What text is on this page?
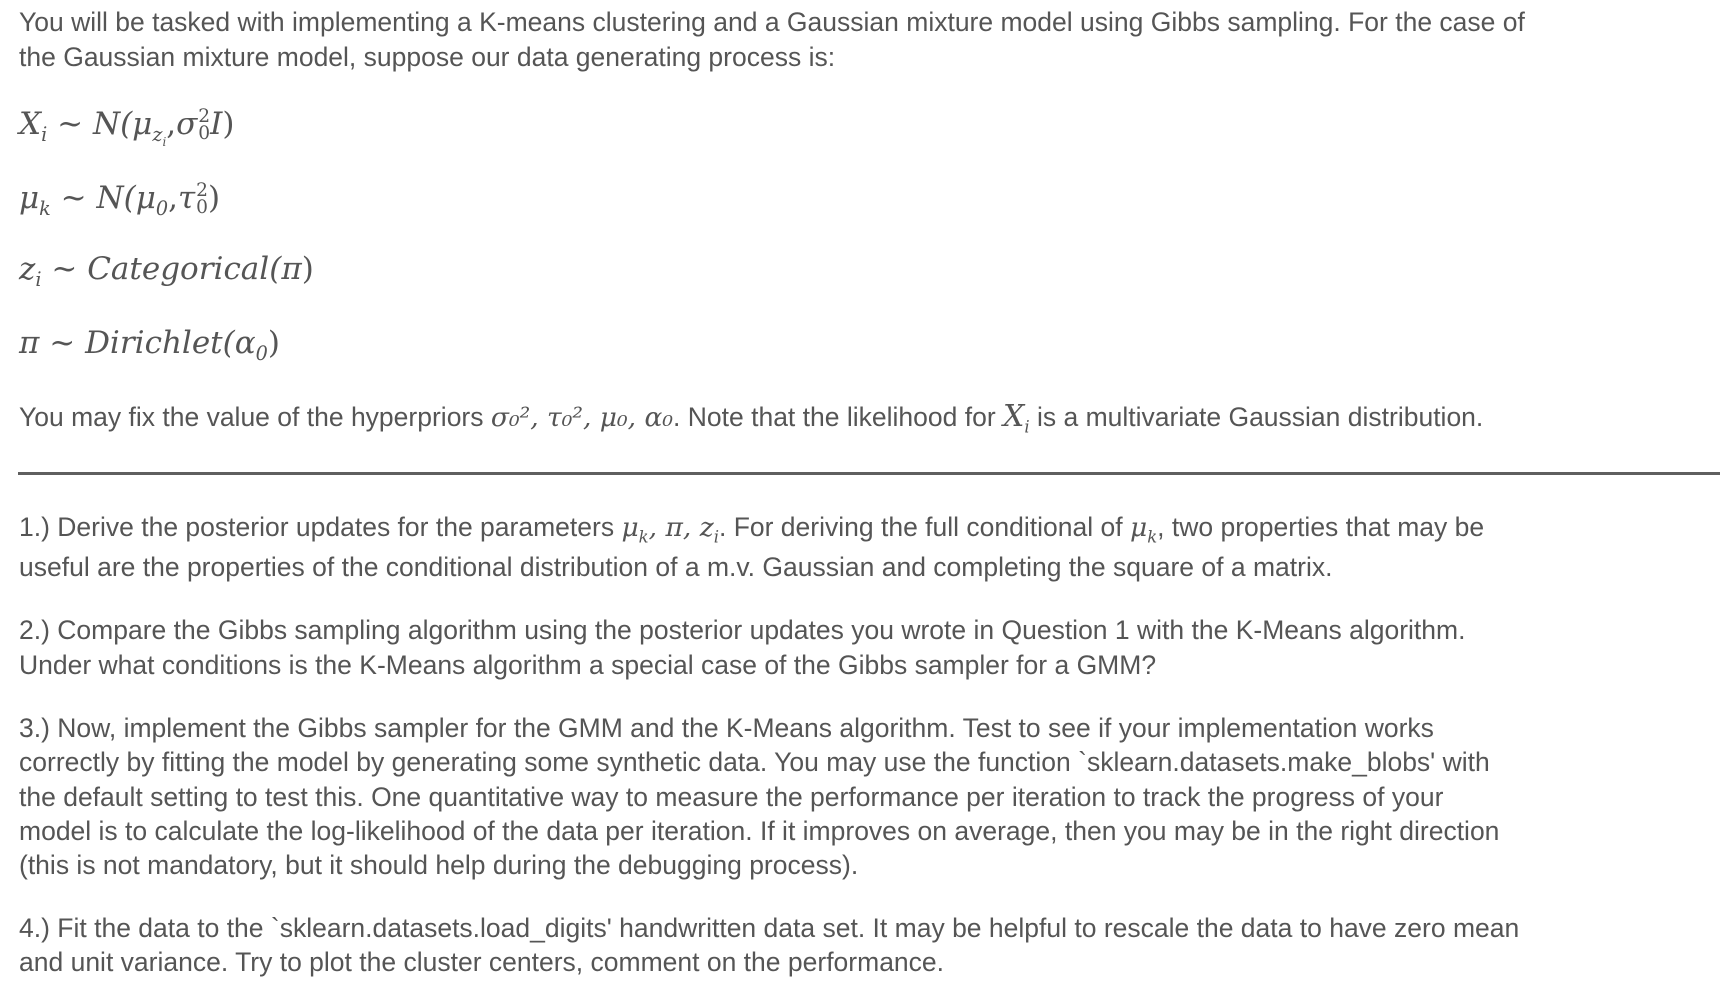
You will be tasked with implementing a K-means clustering and a Gaussian mixture model using Gibbs sampling. For the case of
the Gaussian mixture model, suppose our data generating process is:
$X_i$ ~ $N(\mu_{z_i},\sigma$ 2
0 I)
$\mu_k$ ~ $N(\mu_0,\tau$ 2
0 )
$z_i$ ~ Categorical(π)
π ~ $Dirichlet(\alpha_0)$
You may fix the value of the hyperpriors σ₀², τ₀², μ₀, α₀. Note that the likelihood for $X_i$ is a multivariate Gaussian distribution.
1.) Derive the posterior updates for the parameters $\mu_k$, π, $z_i$. For deriving the full conditional of $\mu_k$, two properties that may be
useful are the properties of the conditional distribution of a m.v. Gaussian and completing the square of a matrix.
2.) Compare the Gibbs sampling algorithm using the posterior updates you wrote in Question 1 with the K-Means algorithm.
Under what conditions is the K-Means algorithm a special case of the Gibbs sampler for a GMM?
3.) Now, implement the Gibbs sampler for the GMM and the K-Means algorithm. Test to see if your implementation works
correctly by fitting the model by generating some synthetic data. You may use the function `sklearn.datasets.make_blobs' with
the default setting to test this. One quantitative way to measure the performance per iteration to track the progress of your
model is to calculate the log-likelihood of the data per iteration. If it improves on average, then you may be in the right direction
(this is not mandatory, but it should help during the debugging process).
4.) Fit the data to the `sklearn.datasets.load_digits' handwritten data set. It may be helpful to rescale the data to have zero mean
and unit variance. Try to plot the cluster centers, comment on the performance.
